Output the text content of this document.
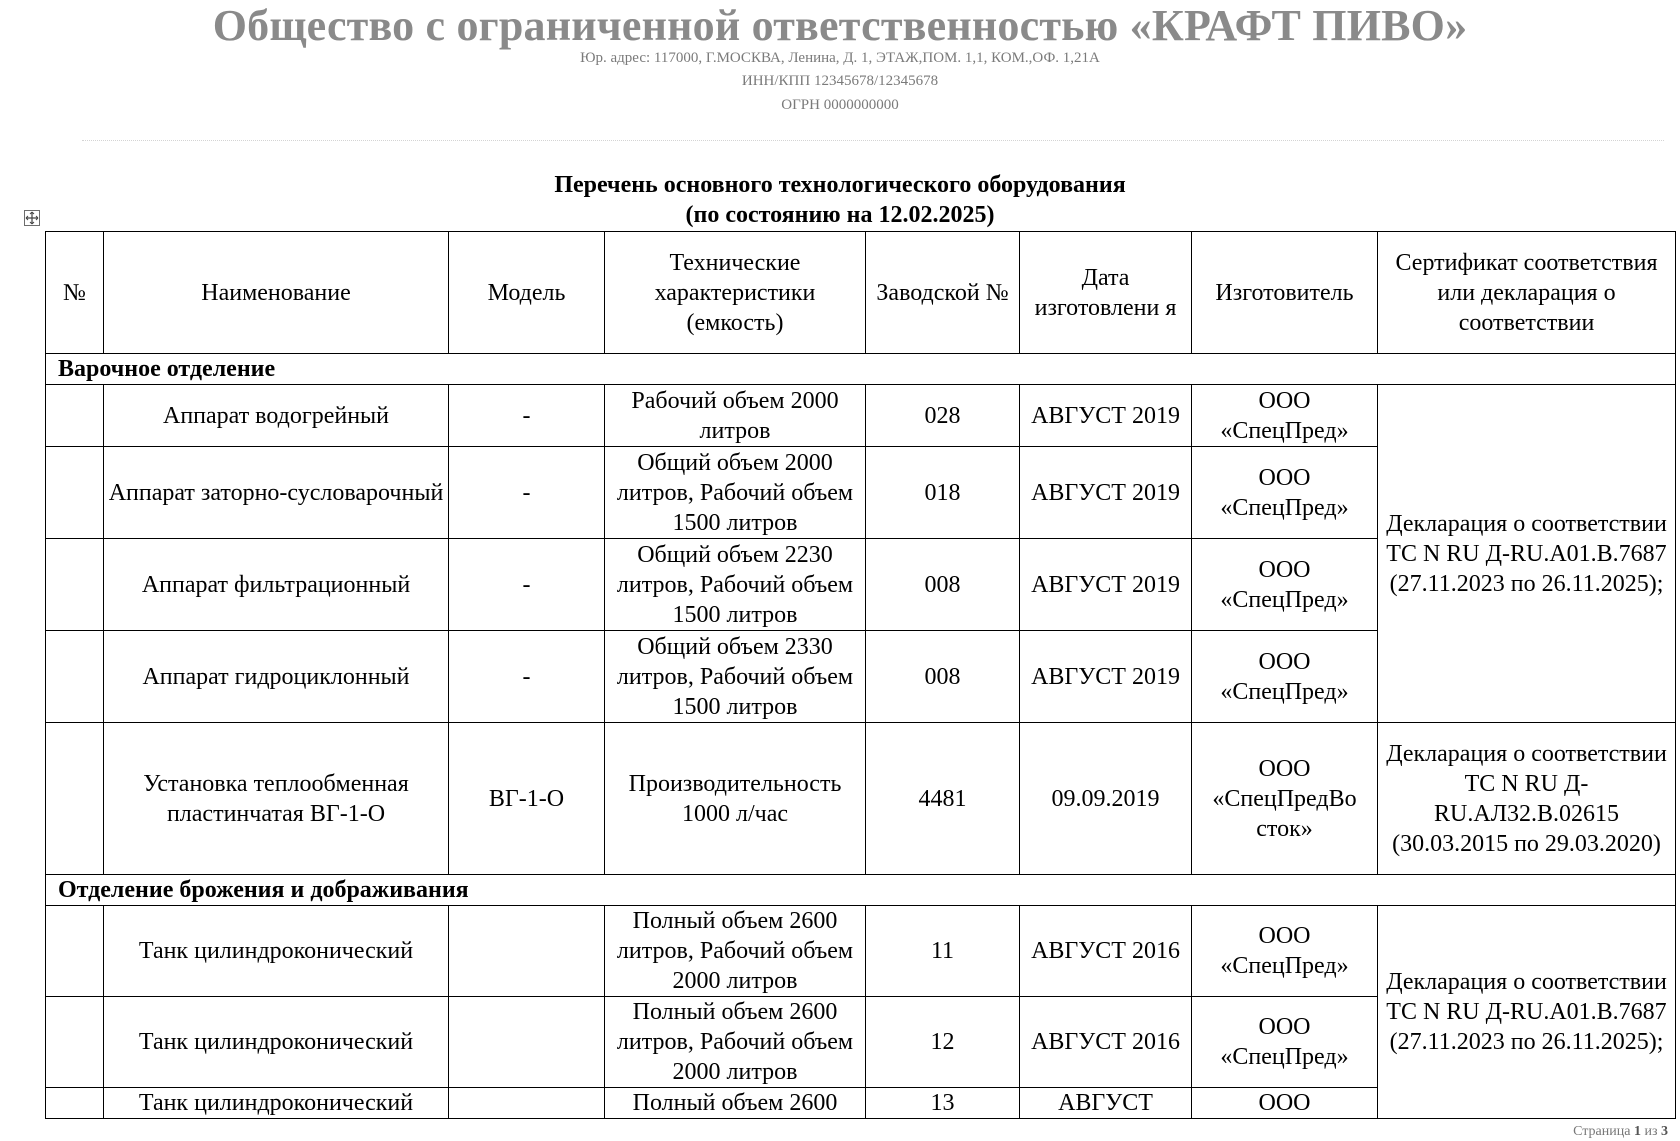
Общество с ограниченной ответственностью «КРАФТ ПИВО»
Юр. адрес: 117000, Г.МОСКВА, Ленина, Д. 1, ЭТАЖ,ПОМ. 1,1, КОМ.,ОФ. 1,21А
ИНН/КПП 12345678/12345678
ОГРН 0000000000
Перечень основного технологического оборудования
(по состоянию на 12.02.2025)
№	Наименование	Модель	Технические характеристики (емкость)	Заводской №	Дата изготовлени я	Изготовитель	Сертификат соответствия или декларация о соответствии
Варочное отделение							
	Аппарат водогрейный	-	Рабочий объем 2000 литров	028	АВГУСТ 2019	ООО «СпецПред»	Декларация о соответствии ТС N RU Д-RU.A01.B.7687 (27.11.2023 по 26.11.2025);
	Аппарат заторно-сусловарочный	-	Общий объем 2000 литров, Рабочий объем 1500 литров	018	АВГУСТ 2019	ООО «СпецПред»	
	Аппарат фильтрационный	-	Общий объем 2230 литров, Рабочий объем 1500 литров	008	АВГУСТ 2019	ООО «СпецПред»	
	Аппарат гидроциклонный	-	Общий объем 2330 литров, Рабочий объем 1500 литров	008	АВГУСТ 2019	ООО «СпецПред»	
	Установка теплообменная пластинчатая ВГ-1-О	ВГ-1-О	Производительность 1000 л/час	4481	09.09.2019	ООО «СпецПредВо сток»	Декларация о соответствии ТС N RU Д-RU.АЛ32.В.02615 (30.03.2015 по 29.03.2020)
Отделение брожения и дображивания							
	Танк цилиндроконический		Полный объем 2600 литров, Рабочий объем 2000 литров	11	АВГУСТ 2016	ООО «СпецПред»	Декларация о соответствии ТС N RU Д-RU.A01.B.7687 (27.11.2023 по 26.11.2025);
	Танк цилиндроконический		Полный объем 2600 литров, Рабочий объем 2000 литров	12	АВГУСТ 2016	ООО «СпецПред»	
	Танк цилиндроконический		Полный объем 2600	13	АВГУСТ	ООО	
Страница 1 из 3
